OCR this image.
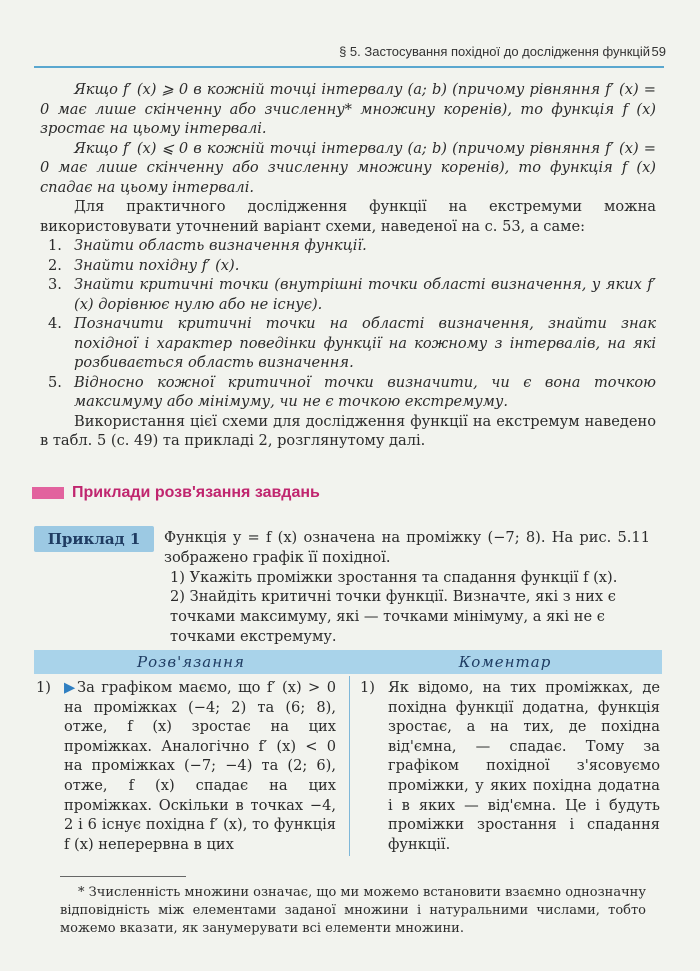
§ 5. Застосування похідної до дослідження функцій 59

Якщо f′ (x) ⩾ 0 в кожній точці інтервалу (a; b) (причому рівняння f′ (x) = 0 має лише скінченну або зчисленну* множину коренів), то функція f (x) зростає на цьому інтервалі.

Якщо f′ (x) ⩽ 0 в кожній точці інтервалу (a; b) (причому рівняння f′ (x) = 0 має лише скінченну або зчисленну множину коренів), то функція f (x) спадає на цьому інтервалі.

Для практичного дослідження функції на екстремуми можна використовувати уточнений варіант схеми, наведеної на с. 53, а саме:

1. Знайти область визначення функції.
2. Знайти похідну f′ (x).
3. Знайти критичні точки (внутрішні точки області визначення, у яких f′ (x) дорівнює нулю або не існує).
4. Позначити критичні точки на області визначення, знайти знак похідної і характер поведінки функції на кожному з інтервалів, на які розбивається область визначення.
5. Відносно кожної критичної точки визначити, чи є вона точкою максимуму або мінімуму, чи не є точкою екстремуму.

Використання цієї схеми для дослідження функції на екстремум наведено в табл. 5 (с. 49) та прикладі 2, розглянутому далі.

Приклади розв'язання завдань
Приклад 1	Функція y = f (x) означена на проміжку (−7; 8). На рис. 5.11 зображено графік її похідної.
1) Укажіть проміжки зростання та спадання функції f (x).
2) Знайдіть критичні точки функції. Визначте, які з них є точками максимуму, які — точками мінімуму, а які не є точками екстремуму.
Розв'язання	Коментар
1) ▶За графіком маємо, що f′ (x) > 0 на проміжках (−4; 2) та (6; 8), отже, f (x) зростає на цих проміжках. Аналогічно f′ (x) < 0 на проміжках (−7; −4) та (2; 6), отже, f (x) спадає на цих проміжках. Оскільки в точках −4, 2 і 6 існує похідна f′ (x), то функція f (x) неперервна в цих
1) Як відомо, на тих проміжках, де похідна функції додатна, функція зростає, а на тих, де похідна від'ємна, — спадає. Тому за графіком похідної з'ясовуємо проміжки, у яких похідна додатна і в яких — від'ємна. Це і будуть проміжки зростання і спадання функції.

* Зчисленність множини означає, що ми можемо встановити взаємно однозначну відповідність між елементами заданої множини і натуральними числами, тобто можемо вказати, як занумерувати всі елементи множини.
